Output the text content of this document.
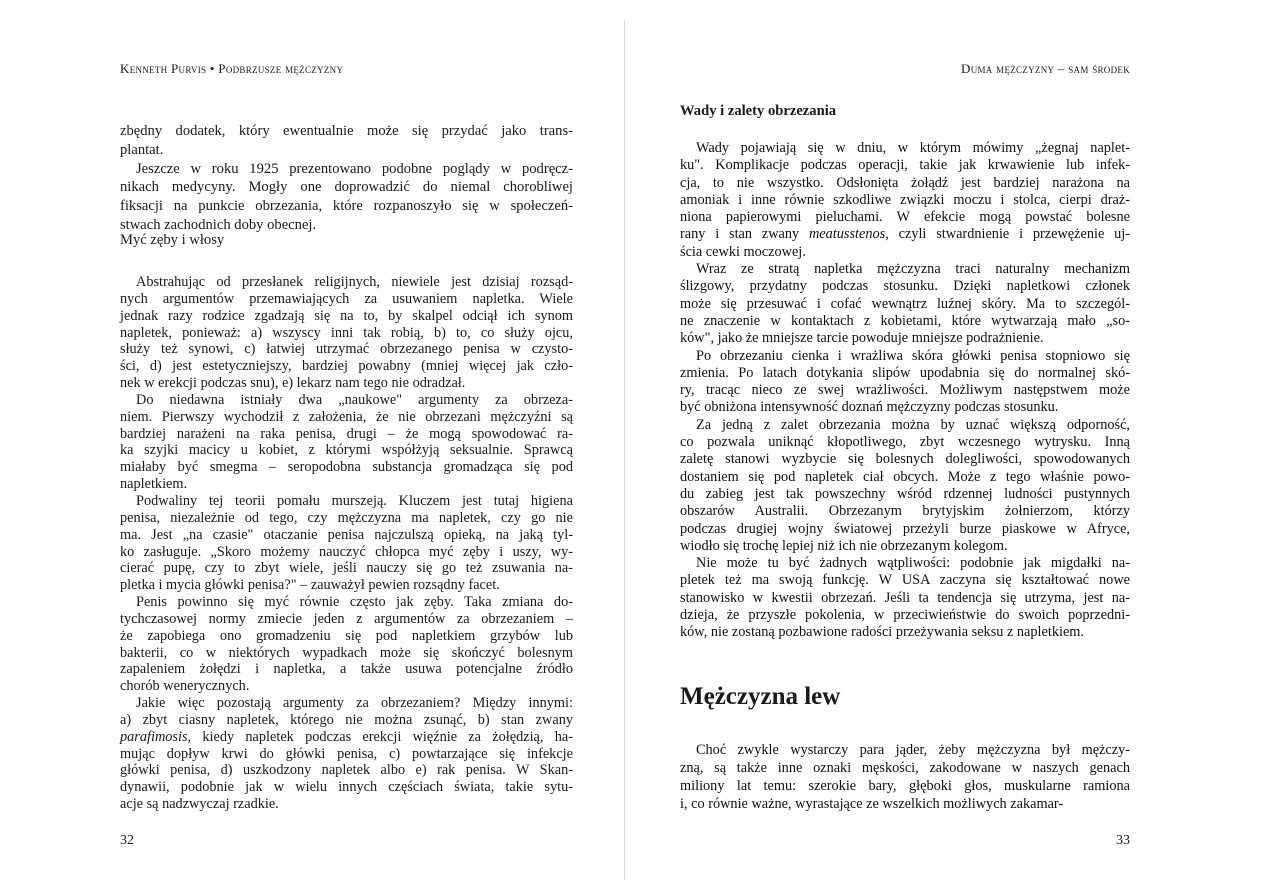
Kenneth Purvis • Podbrzusze mężczyzny
zbędny dodatek, który ewentualnie może się przydać jako trans-
plantat.
Jeszcze w roku 1925 prezentowano podobne poglądy w podręcz-
nikach medycyny. Mogły one doprowadzić do niemal chorobliwej
fiksacji na punkcie obrzezania, które rozpanoszyło się w społeczeń-
stwach zachodnich doby obecnej.
Myć zęby i włosy
Abstrahując od przesłanek religijnych, niewiele jest dzisiaj rozsąd-
nych argumentów przemawiających za usuwaniem napletka. Wiele
jednak razy rodzice zgadzają się na to, by skalpel odciął ich synom
napletek, ponieważ: a) wszyscy inni tak robią, b) to, co służy ojcu,
służy też synowi, c) łatwiej utrzymać obrzezanego penisa w czysto-
ści, d) jest estetyczniejszy, bardziej powabny (mniej więcej jak czło-
nek w erekcji podczas snu), e) lekarz nam tego nie odradzał.
Do niedawna istniały dwa „naukowe" argumenty za obrzeza-
niem. Pierwszy wychodził z założenia, że nie obrzezani mężczyźni są
bardziej narażeni na raka penisa, drugi – że mogą spowodować ra-
ka szyjki macicy u kobiet, z którymi współżyją seksualnie. Sprawcą
miałaby być smegma – seropodobna substancja gromadząca się pod
napletkiem.
Podwaliny tej teorii pomału murszeją. Kluczem jest tutaj higiena
penisa, niezależnie od tego, czy mężczyzna ma napletek, czy go nie
ma. Jest „na czasie" otaczanie penisa najczulszą opieką, na jaką tyl-
ko zasługuje. „Skoro możemy nauczyć chłopca myć zęby i uszy, wy-
cierać pupę, czy to zbyt wiele, jeśli nauczy się go też zsuwania na-
pletka i mycia główki penisa?" – zauważył pewien rozsądny facet.
Penis powinno się myć równie często jak zęby. Taka zmiana do-
tychczasowej normy zmiecie jeden z argumentów za obrzezaniem –
że zapobiega ono gromadzeniu się pod napletkiem grzybów lub
bakterii, co w niektórych wypadkach może się skończyć bolesnym
zapaleniem żołędzi i napletka, a także usuwa potencjalne źródło
chorób wenerycznych.
Jakie więc pozostają argumenty za obrzezaniem? Między innymi:
a) zbyt ciasny napletek, którego nie można zsunąć, b) stan zwany
parafimosis, kiedy napletek podczas erekcji więźnie za żołędzią, ha-
mując dopływ krwi do główki penisa, c) powtarzające się infekcje
główki penisa, d) uszkodzony napletek albo e) rak penisa. W Skan-
dynawii, podobnie jak w wielu innych częściach świata, takie sytu-
acje są nadzwyczaj rzadkie.
32
Duma mężczyzny – sam środek
Wady i zalety obrzezania
Wady pojawiają się w dniu, w którym mówimy „żegnaj naplet-
ku". Komplikacje podczas operacji, takie jak krwawienie lub infek-
cja, to nie wszystko. Odsłonięta żołądź jest bardziej narażona na
amoniak i inne równie szkodliwe związki moczu i stolca, cierpi draż-
niona papierowymi pieluchami. W efekcie mogą powstać bolesne
rany i stan zwany meatusstenos, czyli stwardnienie i przewężenie uj-
ścia cewki moczowej.
Wraz ze stratą napletka mężczyzna traci naturalny mechanizm
ślizgowy, przydatny podczas stosunku. Dzięki napletkowi członek
może się przesuwać i cofać wewnątrz luźnej skóry. Ma to szczegól-
ne znaczenie w kontaktach z kobietami, które wytwarzają mało „so-
ków", jako że mniejsze tarcie powoduje mniejsze podrażnienie.
Po obrzezaniu cienka i wrażliwa skóra główki penisa stopniowo się
zmienia. Po latach dotykania slipów upodabnia się do normalnej skó-
ry, tracąc nieco ze swej wrażliwości. Możliwym następstwem może
być obniżona intensywność doznań mężczyzny podczas stosunku.
Za jedną z zalet obrzezania można by uznać większą odporność,
co pozwala uniknąć kłopotliwego, zbyt wczesnego wytrysku. Inną
zaletę stanowi wyzbycie się bolesnych dolegliwości, spowodowanych
dostaniem się pod napletek ciał obcych. Może z tego właśnie powo-
du zabieg jest tak powszechny wśród rdzennej ludności pustynnych
obszarów Australii. Obrzezanym brytyjskim żołnierzom, którzy
podczas drugiej wojny światowej przeżyli burze piaskowe w Afryce,
wiodło się trochę lepiej niż ich nie obrzezanym kolegom.
Nie może tu być żadnych wątpliwości: podobnie jak migdałki na-
pletek też ma swoją funkcję. W USA zaczyna się kształtować nowe
stanowisko w kwestii obrzezań. Jeśli ta tendencja się utrzyma, jest na-
dzieja, że przyszłe pokolenia, w przeciwieństwie do swoich poprzedni-
ków, nie zostaną pozbawione radości przeżywania seksu z napletkiem.
Mężczyzna lew
Choć zwykle wystarczy para jąder, żeby mężczyzna był mężczy-
zną, są także inne oznaki męskości, zakodowane w naszych genach
miliony lat temu: szerokie bary, głęboki głos, muskularne ramiona
i, co równie ważne, wyrastające ze wszelkich możliwych zakamar-
33
